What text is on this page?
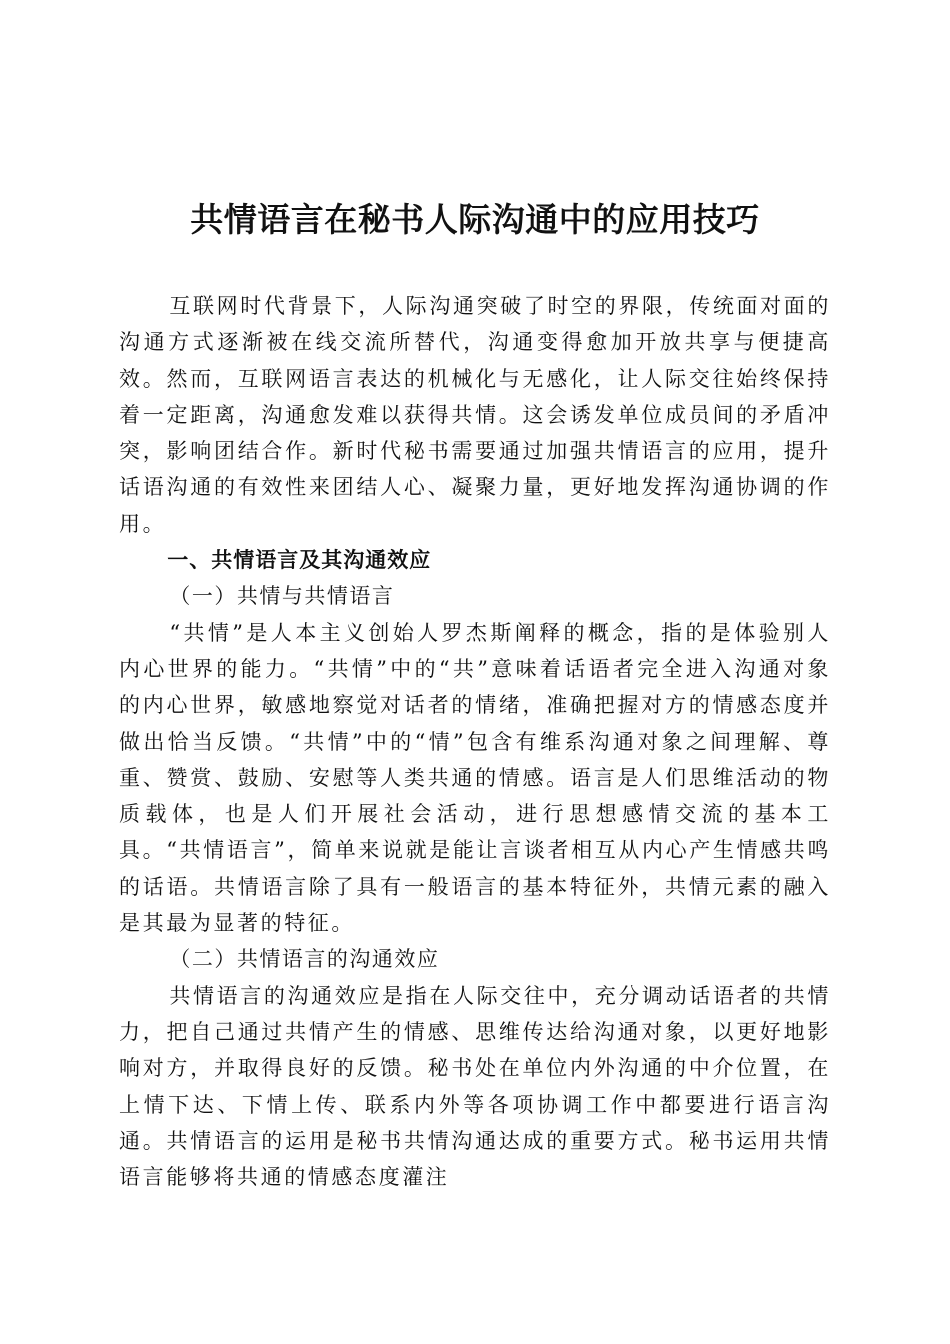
共情语言在秘书人际沟通中的应用技巧

互联网时代背景下，人际沟通突破了时空的界限，传统面对面的沟通方式逐渐被在线交流所替代，沟通变得愈加开放共享与便捷高效。然而，互联网语言表达的机械化与无感化，让人际交往始终保持着一定距离，沟通愈发难以获得共情。这会诱发单位成员间的矛盾冲突，影响团结合作。新时代秘书需要通过加强共情语言的应用，提升话语沟通的有效性来团结人心、凝聚力量，更好地发挥沟通协调的作用。

一、共情语言及其沟通效应

（一）共情与共情语言

“共情”是人本主义创始人罗杰斯阐释的概念，指的是体验别人内心世界的能力。“共情”中的“共”意味着话语者完全进入沟通对象的内心世界，敏感地察觉对话者的情绪，准确把握对方的情感态度并做出恰当反馈。“共情”中的“情”包含有维系沟通对象之间理解、尊重、赞赏、鼓励、安慰等人类共通的情感。语言是人们思维活动的物质载体，也是人们开展社会活动，进行思想感情交流的基本工具。“共情语言”，简单来说就是能让言谈者相互从内心产生情感共鸣的话语。共情语言除了具有一般语言的基本特征外，共情元素的融入是其最为显著的特征。

（二）共情语言的沟通效应

共情语言的沟通效应是指在人际交往中，充分调动话语者的共情力，把自己通过共情产生的情感、思维传达给沟通对象，以更好地影响对方，并取得良好的反馈。秘书处在单位内外沟通的中介位置，在上情下达、下情上传、联系内外等各项协调工作中都要进行语言沟通。共情语言的运用是秘书共情沟通达成的重要方式。秘书运用共情语言能够将共通的情感态度灌注
